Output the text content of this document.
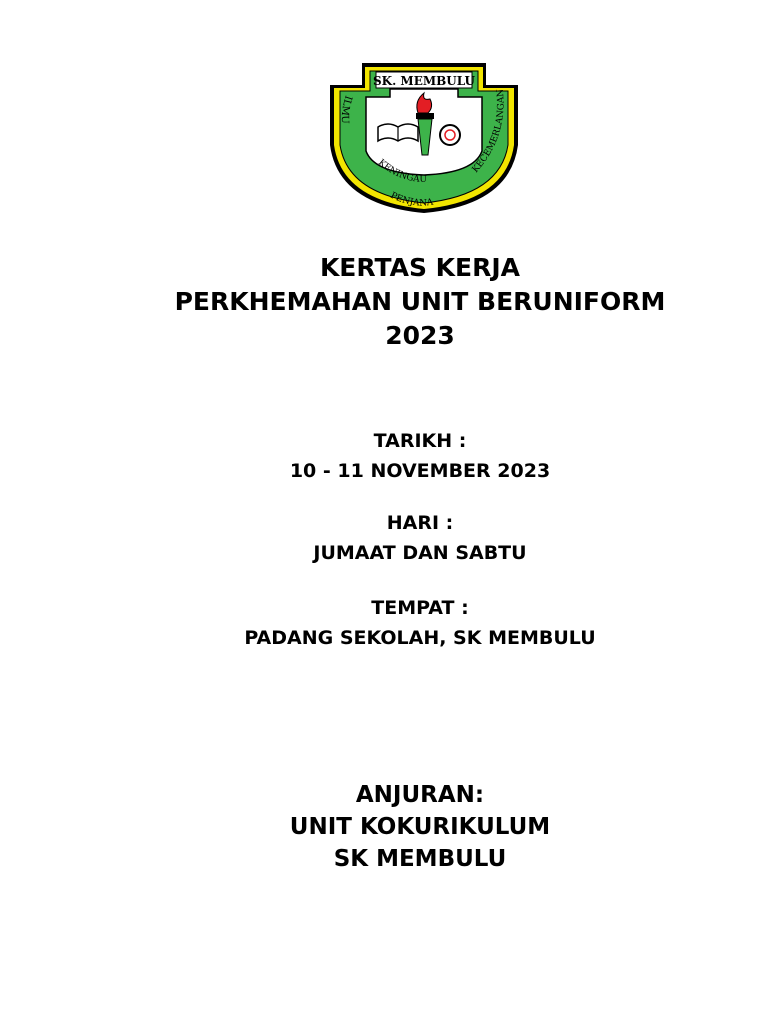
SK. MEMBULU
ILMU
KECEMERLANGAN
KENINGAU
PENJANA
KERTAS KERJA
PERKHEMAHAN UNIT BERUNIFORM
2023
TARIKH :
10 - 11 NOVEMBER 2023
HARI :
JUMAAT DAN SABTU
TEMPAT :
PADANG SEKOLAH, SK MEMBULU
ANJURAN:
UNIT KOKURIKULUM
SK MEMBULU
